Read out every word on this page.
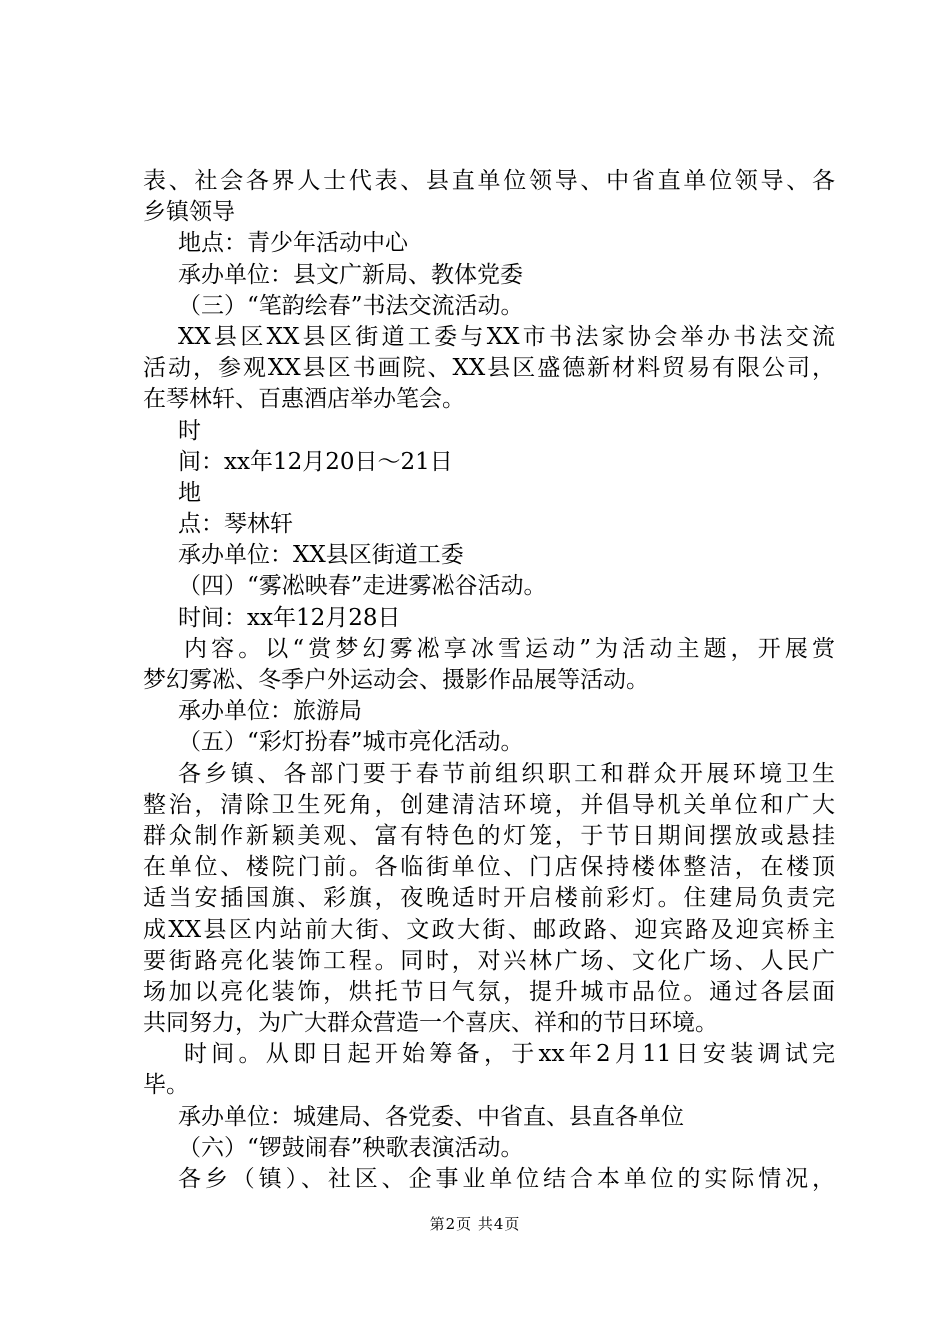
表、社会各界人士代表、县直单位领导、中省直单位领导、各
乡镇领导
地点：青少年活动中心
承办单位：县文广新局、教体党委
（三）“笔韵绘春”书法交流活动。
XX县区XX县区街道工委与XX市书法家协会举办书法交流
活动，参观XX县区书画院、XX县区盛德新材料贸易有限公司，
在琴林轩、百惠酒店举办笔会。
时
间：xx年12月20日～21日
地
点：琴林轩
承办单位：XX县区街道工委
（四）“雾凇映春”走进雾凇谷活动。
时间：xx年12月28日
内容。以“赏梦幻雾凇享冰雪运动”为活动主题，开展赏
梦幻雾凇、冬季户外运动会、摄影作品展等活动。
承办单位：旅游局
（五）“彩灯扮春”城市亮化活动。
各乡镇、各部门要于春节前组织职工和群众开展环境卫生
整治，清除卫生死角，创建清洁环境，并倡导机关单位和广大
群众制作新颖美观、富有特色的灯笼，于节日期间摆放或悬挂
在单位、楼院门前。各临街单位、门店保持楼体整洁，在楼顶
适当安插国旗、彩旗，夜晚适时开启楼前彩灯。住建局负责完
成XX县区内站前大街、文政大街、邮政路、迎宾路及迎宾桥主
要街路亮化装饰工程。同时，对兴林广场、文化广场、人民广
场加以亮化装饰，烘托节日气氛，提升城市品位。通过各层面
共同努力，为广大群众营造一个喜庆、祥和的节日环境。
时间。从即日起开始筹备，于xx年2月11日安装调试完
毕。
承办单位：城建局、各党委、中省直、县直各单位
（六）“锣鼓闹春”秧歌表演活动。
各乡（镇）、社区、企事业单位结合本单位的实际情况，
第2页 共4页
